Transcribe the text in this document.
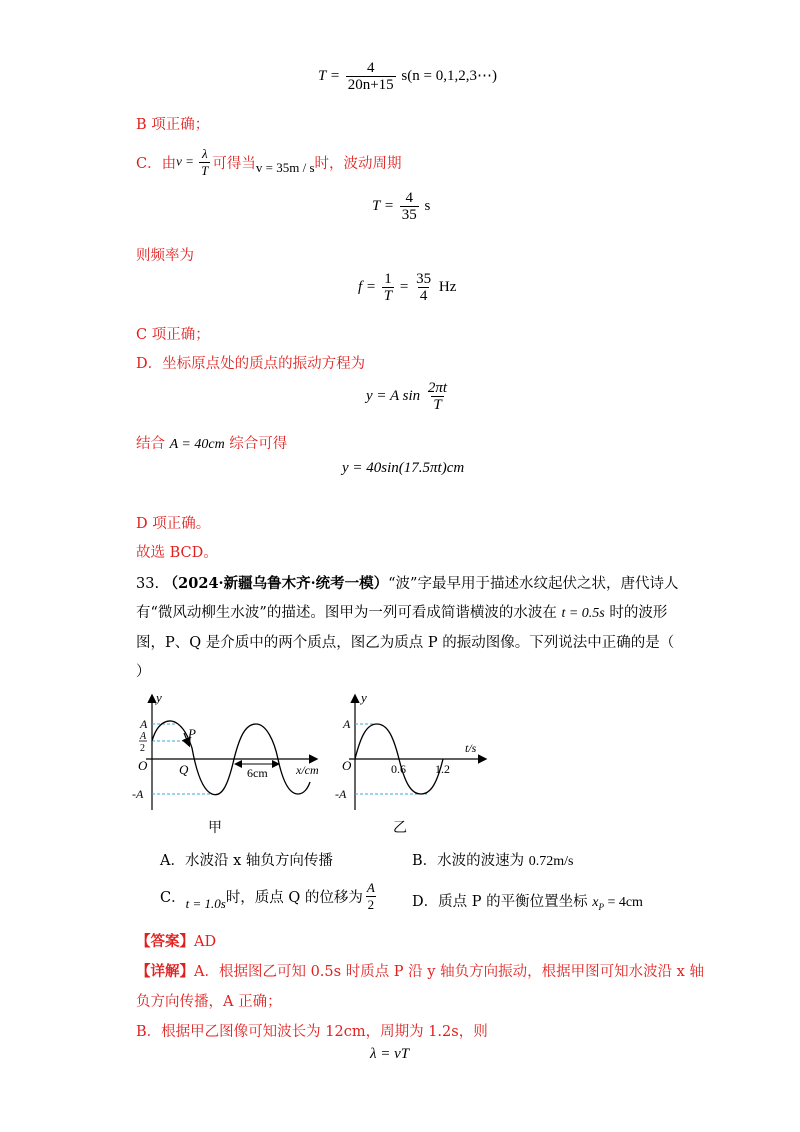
$T = \frac{4}{20n+15} s(n$ = 0,1,2,3⋯)
B 项正确；
C．由 $v = \frac{\lambda}{T}$ 可得当 v = 35m / s 时，波动周期
$T = \frac{4}{35}$ s
则频率为
$f = \frac{1}{T} = \frac{35}{4}$ Hz
C 项正确；
D．坐标原点处的质点的振动方程为
y = A $\sin \frac{2\pi t}{T}$
结合 A = 40cm 综合可得
y = 40sin(17.5πt)cm
D 项正确。
故选 BCD。
33. （2024·新疆乌鲁木齐·统考一模）“波”字最早用于描述水纹起伏之状，唐代诗人
有“微风动柳生水波”的描述。图甲为一列可看成简谐横波的水波在 t = 0.5s 时的波形
图，P、Q 是介质中的两个质点，图乙为质点 P 的振动图像。下列说法中正确的是（
）
y
A
A
2
O
-A
P
Q	6cm x/cm
甲
y
A
O
-A
0.6 1.2
t/s
乙
A．水波沿 x 轴负方向传播	B．水波的波速为 0.72m/s
C． t = 1.0s 时，质点 Q 的位移为 $\frac{A}{2}$ D．质点 P 的平衡位置坐标 $x_P = 4cm$
【答案】AD
【详解】A．根据图乙可知 0.5s 时质点 P 沿 y 轴负方向振动，根据甲图可知水波沿 x 轴
负方向传播，A 正确；
B．根据甲乙图像可知波长为 12cm，周期为 1.2s，则
λ = vT
